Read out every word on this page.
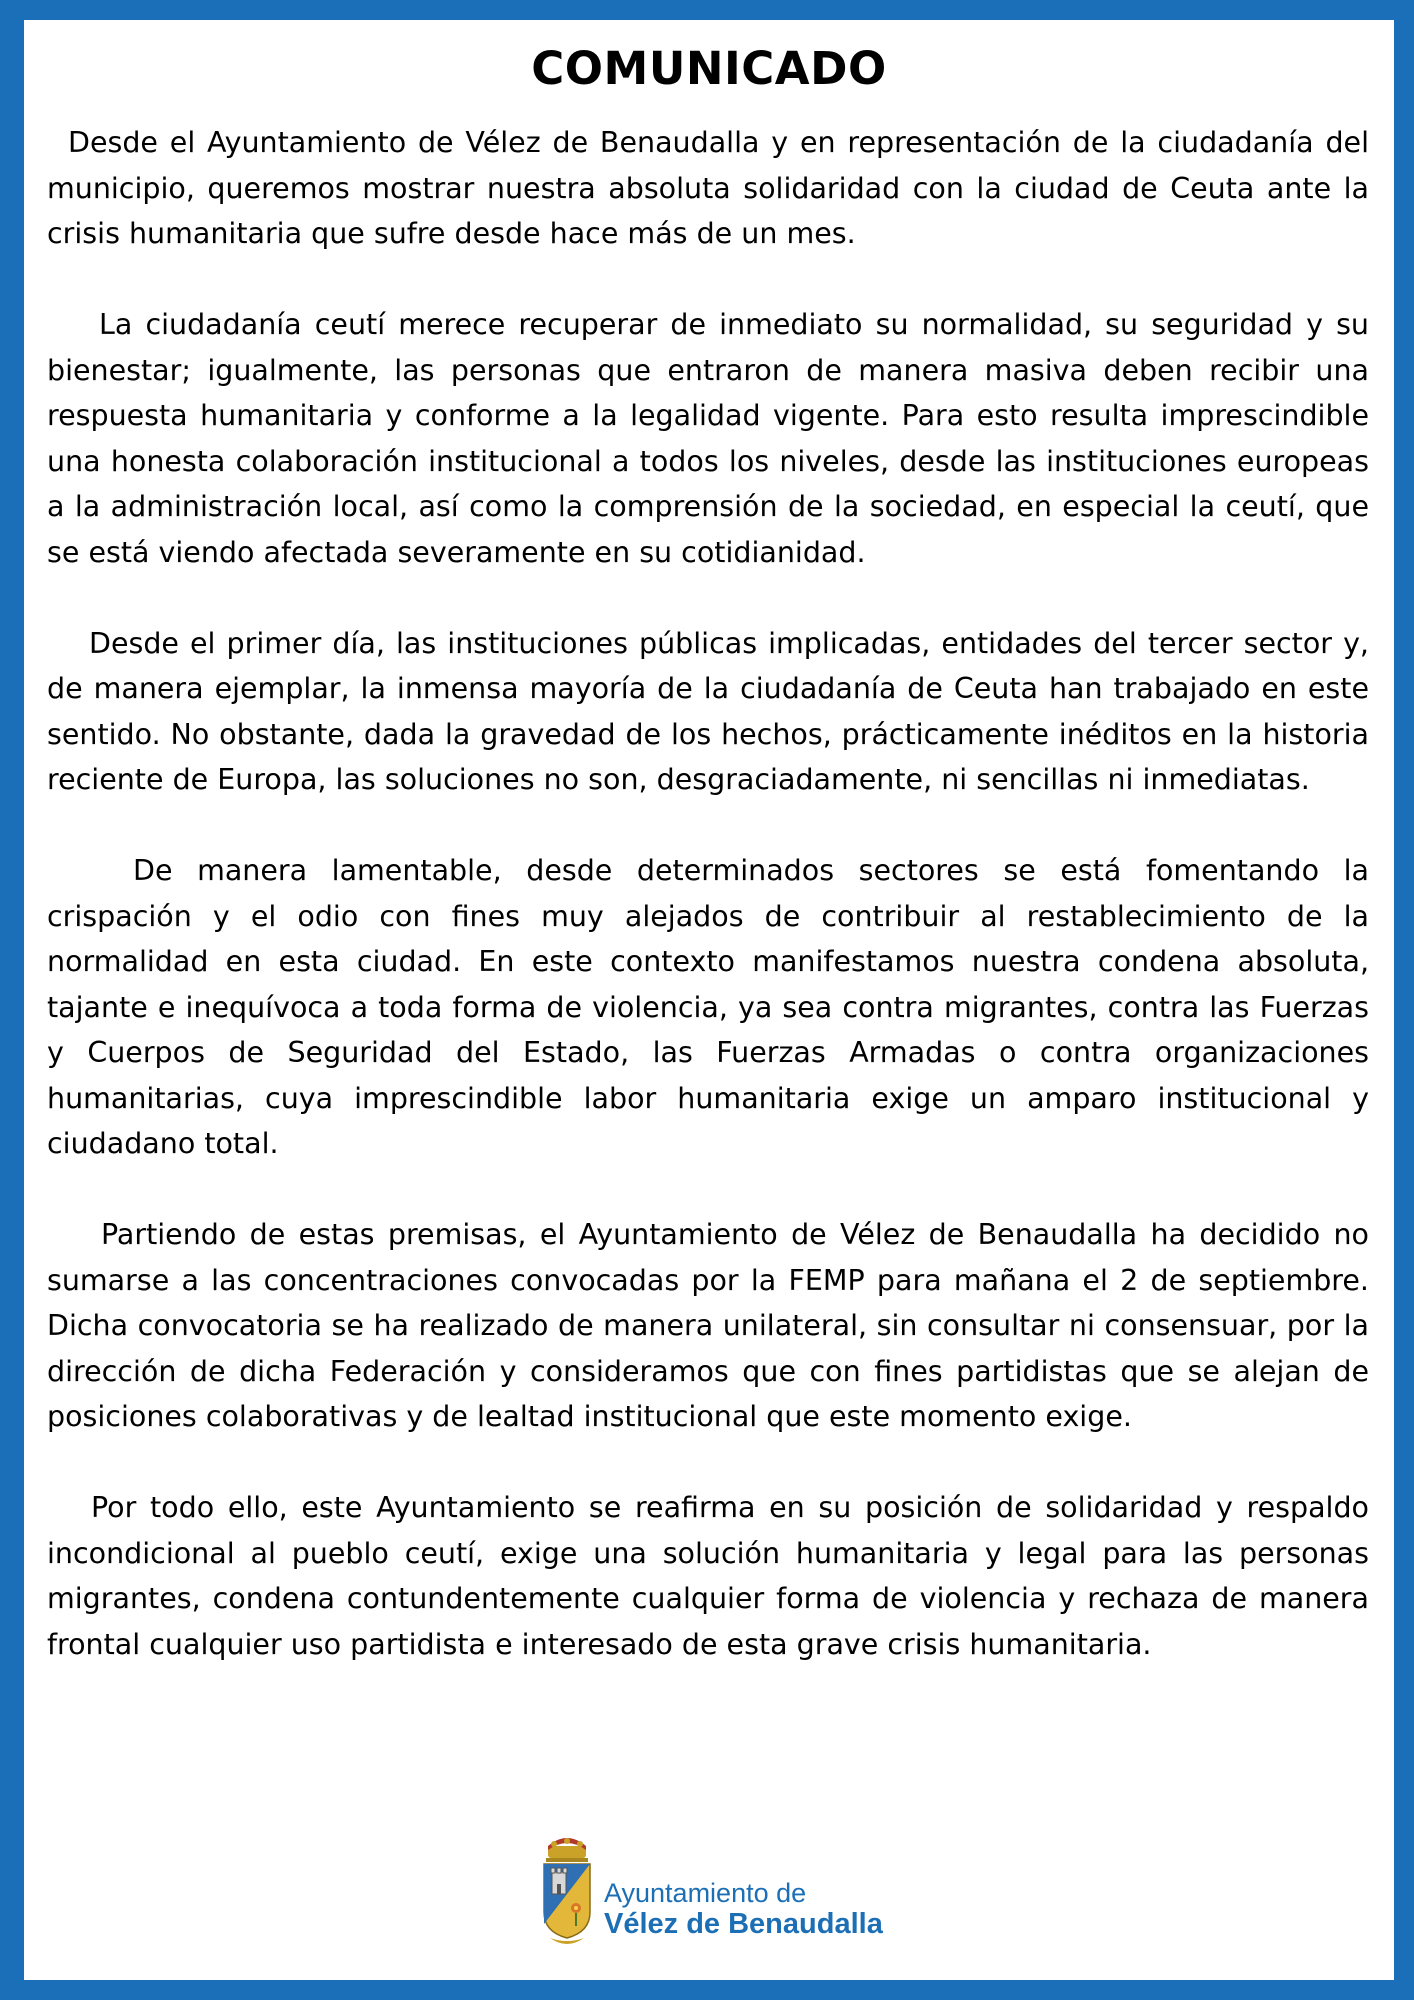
COMUNICADO

Desde el Ayuntamiento de Vélez de Benaudalla y en representación de la ciudadanía del municipio, queremos mostrar nuestra absoluta solidaridad con la ciudad de Ceuta ante la crisis humanitaria que sufre desde hace más de un mes.

La ciudadanía ceutí merece recuperar de inmediato su normalidad, su seguridad y su bienestar; igualmente, las personas que entraron de manera masiva deben recibir una respuesta humanitaria y conforme a la legalidad vigente. Para esto resulta imprescindible una honesta colaboración institucional a todos los niveles, desde las instituciones europeas a la administración local, así como la comprensión de la sociedad, en especial la ceutí, que se está viendo afectada severamente en su cotidianidad.

Desde el primer día, las instituciones públicas implicadas, entidades del tercer sector y, de manera ejemplar, la inmensa mayoría de la ciudadanía de Ceuta han trabajado en este sentido. No obstante, dada la gravedad de los hechos, prácticamente inéditos en la historia reciente de Europa, las soluciones no son, desgraciadamente, ni sencillas ni inmediatas.

De manera lamentable, desde determinados sectores se está fomentando la crispación y el odio con fines muy alejados de contribuir al restablecimiento de la normalidad en esta ciudad. En este contexto manifestamos nuestra condena absoluta, tajante e inequívoca a toda forma de violencia, ya sea contra migrantes, contra las Fuerzas y Cuerpos de Seguridad del Estado, las Fuerzas Armadas o contra organizaciones humanitarias, cuya imprescindible labor humanitaria exige un amparo institucional y ciudadano total.

Partiendo de estas premisas, el Ayuntamiento de Vélez de Benaudalla ha decidido no sumarse a las concentraciones convocadas por la FEMP para mañana el 2 de septiembre. Dicha convocatoria se ha realizado de manera unilateral, sin consultar ni consensuar, por la dirección de dicha Federación y consideramos que con fines partidistas que se alejan de posiciones colaborativas y de lealtad institucional que este momento exige.

Por todo ello, este Ayuntamiento se reafirma en su posición de solidaridad y respaldo incondicional al pueblo ceutí, exige una solución humanitaria y legal para las personas migrantes, condena contundentemente cualquier forma de violencia y rechaza de manera frontal cualquier uso partidista e interesado de esta grave crisis humanitaria.

Ayuntamiento de
Vélez de Benaudalla
